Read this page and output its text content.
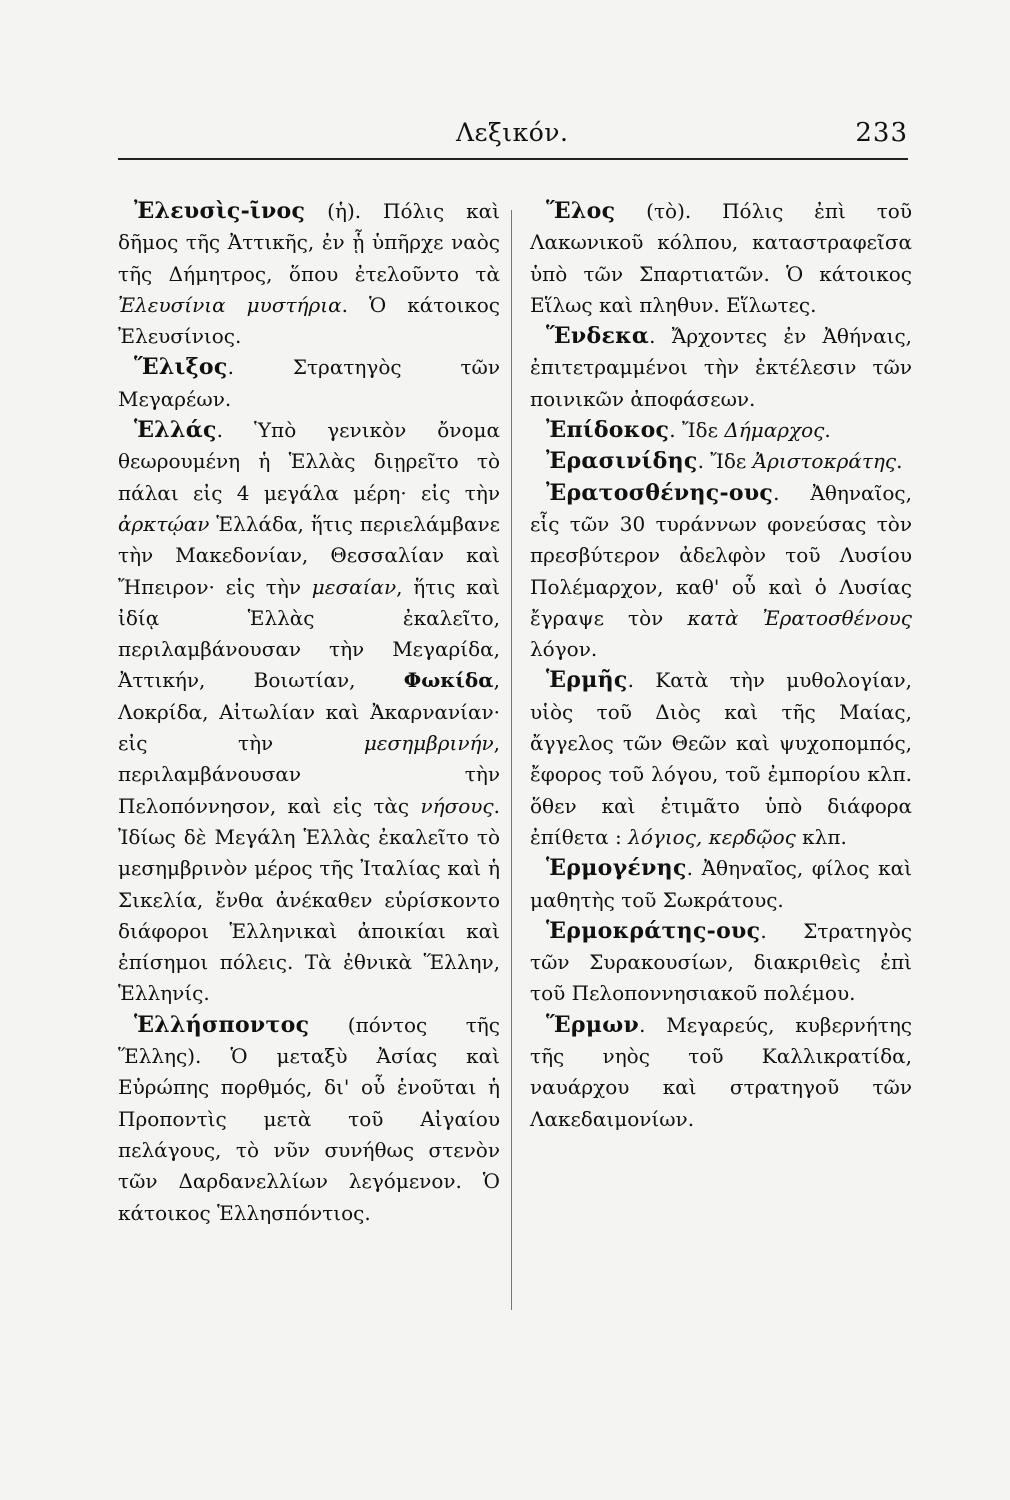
Λεξικόν.	233

Ἐλευσὶς-ῖνος (ἡ). Πόλις καὶ δῆμος τῆς Ἀττικῆς, ἐν ᾗ ὑπῆρχε ναὸς τῆς Δήμητρος, ὅπου ἐτελοῦντο τὰ Ἐλευσίνια μυστήρια. Ὁ κάτοικος Ἐλευσίνιος.

Ἕλιξος. Στρατηγὸς τῶν Μεγαρέων.

Ἑλλάς. Ὑπὸ γενικὸν ὄνομα θεωρουμένη ἡ Ἑλλὰς διῃρεῖτο τὸ πάλαι εἰς 4 μεγάλα μέρη· εἰς τὴν ἀρκτῴαν Ἑλλάδα, ἥτις περιελάμβανε τὴν Μακεδονίαν, Θεσσαλίαν καὶ Ἤπειρον· εἰς τὴν μεσαίαν, ἥτις καὶ ἰδίᾳ Ἑλλὰς ἐκαλεῖτο, περιλαμβάνουσαν τὴν Μεγαρίδα, Ἀττικήν, Βοιωτίαν, Φωκίδα, Λοκρίδα, Αἰτωλίαν καὶ Ἀκαρνανίαν· εἰς τὴν μεσημβρινήν, περιλαμβάνουσαν τὴν Πελοπόννησον, καὶ εἰς τὰς νήσους. Ἰδίως δὲ Μεγάλη Ἑλλὰς ἐκαλεῖτο τὸ μεσημβρινὸν μέρος τῆς Ἰταλίας καὶ ἡ Σικελία, ἔνθα ἀνέκαθεν εὑρίσκοντο διάφοροι Ἑλληνικαὶ ἀποικίαι καὶ ἐπίσημοι πόλεις. Τὰ ἐθνικὰ Ἕλλην, Ἑλληνίς.

Ἑλλήσποντος (πόντος τῆς Ἕλλης). Ὁ μεταξὺ Ἀσίας καὶ Εὐρώπης πορθμός, δι' οὗ ἑνοῦται ἡ Προποντὶς μετὰ τοῦ Αἰγαίου πελάγους, τὸ νῦν συνήθως στενὸν τῶν Δαρδανελλίων λεγόμενον. Ὁ κάτοικος Ἑλλησπόντιος.

Ἕλος (τὸ). Πόλις ἐπὶ τοῦ Λακωνικοῦ κόλπου, καταστραφεῖσα ὑπὸ τῶν Σπαρτιατῶν. Ὁ κάτοικος Εἵλως καὶ πληθυν. Εἵλωτες.

Ἕνδεκα. Ἄρχοντες ἐν Ἀθήναις, ἐπιτετραμμένοι τὴν ἐκτέλεσιν τῶν ποινικῶν ἀποφάσεων.

Ἐπίδοκος. Ἴδε Δήμαρχος.

Ἐρασινίδης. Ἴδε Ἀριστοκράτης.

Ἐρατοσθένης-ους. Ἀθηναῖος, εἷς τῶν 30 τυράννων φονεύσας τὸν πρεσβύτερον ἀδελφὸν τοῦ Λυσίου Πολέμαρχον, καθ' οὗ καὶ ὁ Λυσίας ἔγραψε τὸν κατὰ Ἐρατοσθένους λόγον.

Ἑρμῆς. Κατὰ τὴν μυθολογίαν, υἱὸς τοῦ Διὸς καὶ τῆς Μαίας, ἄγγελος τῶν Θεῶν καὶ ψυχοπομπός, ἔφορος τοῦ λόγου, τοῦ ἐμπορίου κλπ. ὅθεν καὶ ἐτιμᾶτο ὑπὸ διάφορα ἐπίθετα : λόγιος, κερδῷος κλπ.

Ἑρμογένης. Ἀθηναῖος, φίλος καὶ μαθητὴς τοῦ Σωκράτους.

Ἑρμοκράτης-ους. Στρατηγὸς τῶν Συρακουσίων, διακριθεὶς ἐπὶ τοῦ Πελοποννησιακοῦ πολέμου.

Ἕρμων. Μεγαρεύς, κυβερνήτης τῆς νηὸς τοῦ Καλλικρατίδα, ναυάρχου καὶ στρατηγοῦ τῶν Λακεδαιμονίων.
